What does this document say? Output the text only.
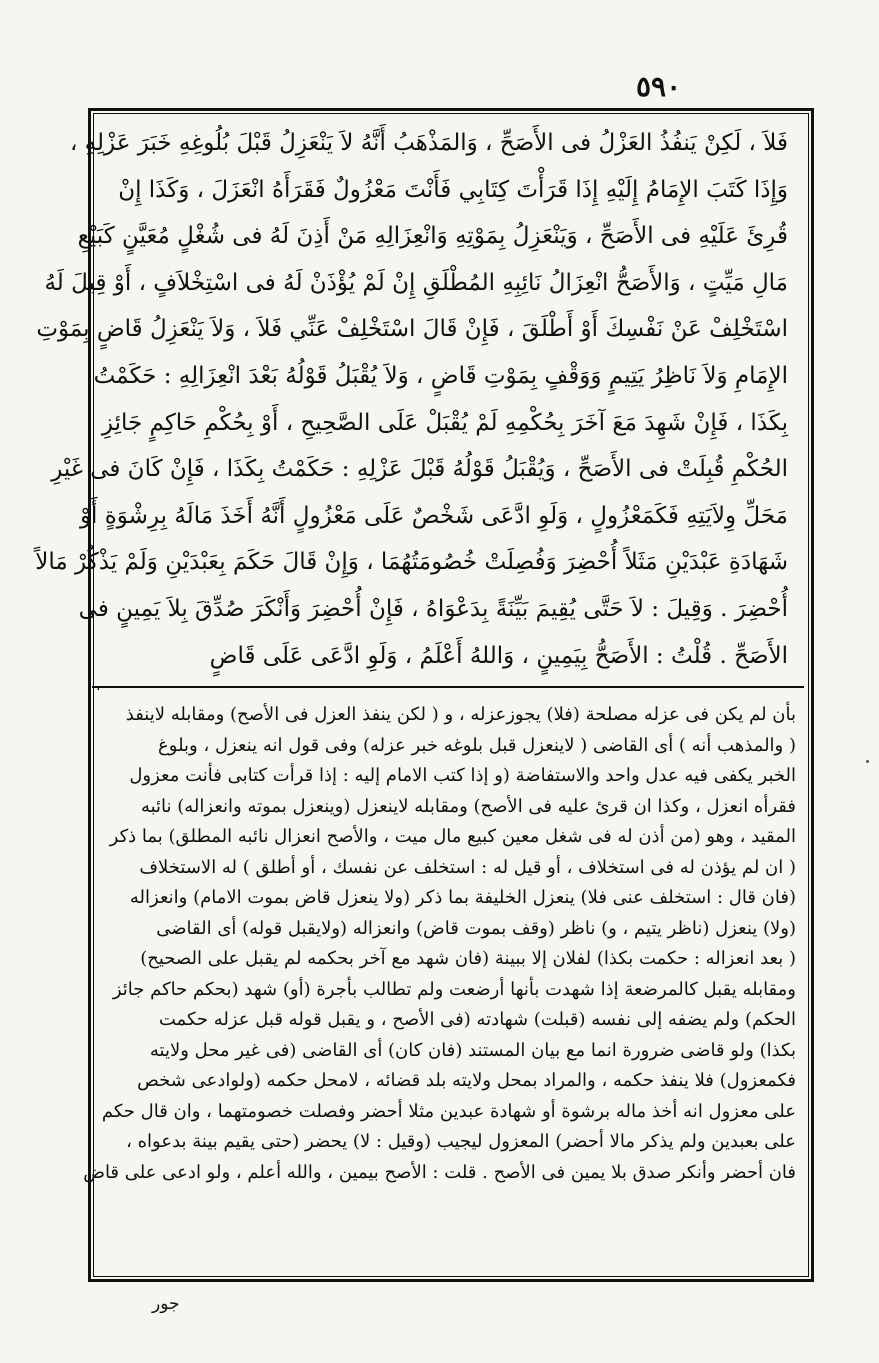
٥٩٠
فَلاَ ، لَكِنْ يَنفُذُ العَزْلُ فى الأَصَحِّ ، وَالمَذْهَبُ أَنَّهُ لاَ يَنْعَزِلُ قَبْلَ بُلُوغِهِ خَبَرَ عَزْلِهِ ،
وَإِذَا كَتَبَ الإِمَامُ إِلَيْهِ إِذَا قَرَأْتَ كِتَابِي فَأَنْتَ مَعْزُولٌ فَقَرَأَهُ انْعَزَلَ ، وَكَذَا إِنْ
قُرِئَ عَلَيْهِ فى الأَصَحِّ ، وَيَنْعَزِلُ بِمَوْتِهِ وَانْعِزَالِهِ مَنْ أَذِنَ لَهُ فى شُغْلٍ مُعَيَّنٍ كَبَيْعِ
مَالِ مَيِّتٍ ، وَالأَصَحُّ انْعِزَالُ نَائِبِهِ المُطْلَقِ إِنْ لَمْ يُؤْذَنْ لَهُ فى اسْتِخْلاَفٍ ، أَوْ قِيلَ لَهُ
اسْتَخْلِفْ عَنْ نَفْسِكَ أَوْ أَطْلَقَ ، فَإِنْ قَالَ اسْتَخْلِفْ عَنِّي فَلاَ ، وَلاَ يَنْعَزِلُ قَاضٍ بِمَوْتِ
الإِمَامِ وَلاَ نَاظِرُ يَتِيمٍ وَوَقْفٍ بِمَوْتِ قَاضٍ ، وَلاَ يُقْبَلُ قَوْلُهُ بَعْدَ انْعِزَالِهِ : حَكَمْتُ
بِكَذَا ، فَإِنْ شَهِدَ مَعَ آخَرَ بِحُكْمِهِ لَمْ يُقْبَلْ عَلَى الصَّحِيحِ ، أَوْ بِحُكْمِ حَاكِمٍ جَائِزِ
الحُكْمِ قُبِلَتْ فى الأَصَحِّ ، وَيُقْبَلُ قَوْلُهُ قَبْلَ عَزْلِهِ : حَكَمْتُ بِكَذَا ، فَإِنْ كَانَ فى غَيْرِ
مَحَلِّ وِلاَيَتِهِ فَكَمَعْزُولٍ ، وَلَوِ ادَّعَى شَخْصٌ عَلَى مَعْزُولٍ أَنَّهُ أَخَذَ مَالَهُ بِرِشْوَةٍ أَوْ
شَهَادَةِ عَبْدَيْنِ مَثَلاً أُحْضِرَ وَفُصِلَتْ خُصُومَتُهُمَا ، وَإِنْ قَالَ حَكَمَ بِعَبْدَيْنِ وَلَمْ يَذْكُرْ مَالاً
أُحْضِرَ . وَقِيلَ : لاَ حَتَّى يُقِيمَ بَيِّنَةً بِدَعْوَاهُ ، فَإِنْ أُحْضِرَ وَأَنْكَرَ صُدِّقَ بِلاَ يَمِينٍ فى
الأَصَحِّ . قُلْتُ : الأَصَحُّ بِيَمِينٍ ، وَاللهُ أَعْلَمُ ، وَلَوِ ادَّعَى عَلَى قَاضٍ
،
بأن لم يكن فى عزله مصلحة (فلا) يجوزعزله ، و ( لكن ينفذ العزل فى الأصح) ومقابله لاينفذ
( والمذهب أنه ) أى القاضى ( لاينعزل قبل بلوغه خبر عزله) وفى قول انه ينعزل ، وبلوغ
الخبر يكفى فيه عدل واحد والاستفاضة (و إذا كتب الامام إليه : إذا قرأت كتابى فأنت معزول
فقرأه انعزل ، وكذا ان قرئ عليه فى الأصح) ومقابله لاينعزل (وينعزل بموته وانعزاله) نائبه
المقيد ، وهو (من أذن له فى شغل معين كبيع مال ميت ، والأصح انعزال نائبه المطلق) بما ذكر
( ان لم يؤذن له فى استخلاف ، أو قيل له : استخلف عن نفسك ، أو أطلق ) له الاستخلاف
(فان قال : استخلف عنى فلا) ينعزل الخليفة بما ذكر (ولا ينعزل قاض بموت الامام) وانعزاله
(ولا) ينعزل (ناظر يتيم ، و) ناظر (وقف بموت قاض) وانعزاله (ولايقبل قوله) أى القاضى
( بعد انعزاله : حكمت بكذا) لفلان إلا ببينة (فان شهد مع آخر بحكمه لم يقبل على الصحيح)
ومقابله يقبل كالمرضعة إذا شهدت بأنها أرضعت ولم تطالب بأجرة (أو) شهد (بحكم حاكم جائز
الحكم) ولم يضفه إلى نفسه (قبلت) شهادته (فى الأصح ، و يقبل قوله قبل عزله حكمت
بكذا) ولو قاضى ضرورة انما مع بيان المستند (فان كان) أى القاضى (فى غير محل ولايته
فكمعزول) فلا ينفذ حكمه ، والمراد بمحل ولايته بلد قضائه ، لامحل حكمه (ولوادعى شخص
على معزول انه أخذ ماله برشوة أو شهادة عبدين مثلا أحضر وفصلت خصومتهما ، وان قال حكم
على بعبدين ولم يذكر مالا أحضر) المعزول ليجيب (وقيل : لا) يحضر (حتى يقيم بينة بدعواه ،
فان أحضر وأنكر صدق بلا يمين فى الأصح . قلت : الأصح بيمين ، والله أعلم ، ولو ادعى على قاض
جور
